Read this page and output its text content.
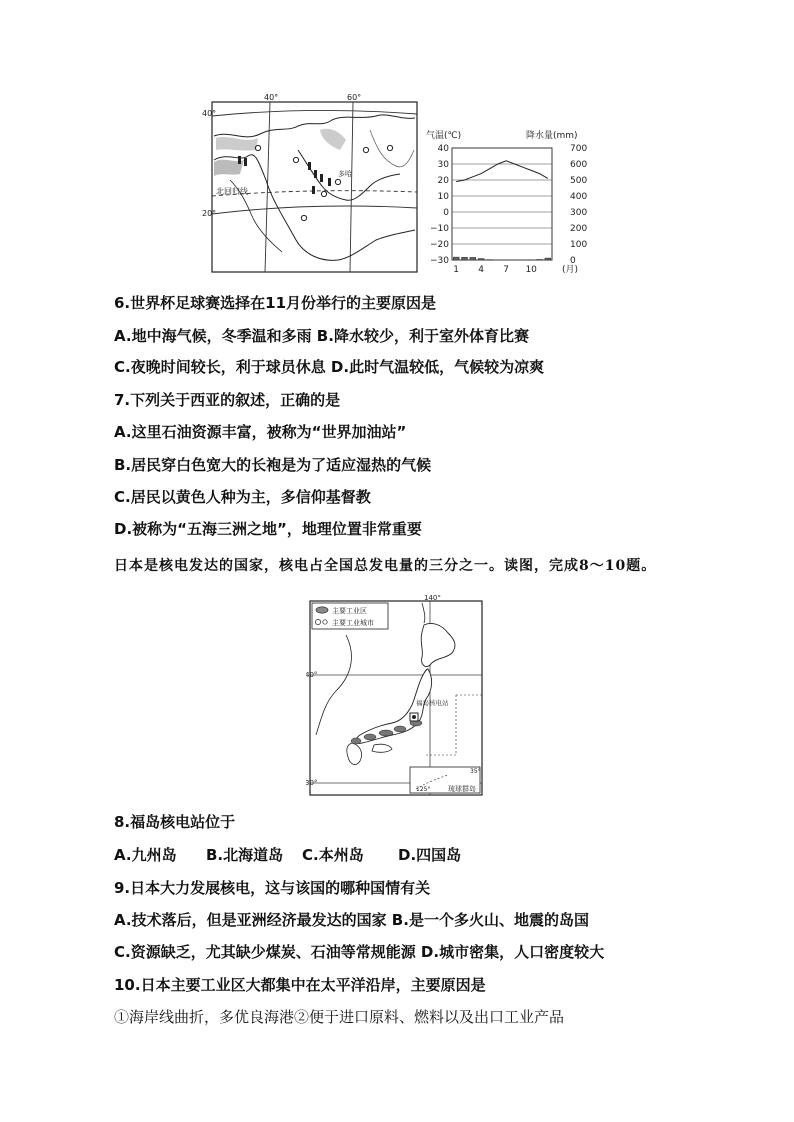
40°
20°
40°	60°
北回归线
多哈
气温(℃)	降水量(mm)
40
30
20
10
0
−10
−20
−30
700
600
500
400
300
200
100
0
1 4 7 10	(月)
6.世界杯足球赛选择在11月份举行的主要原因是
A.地中海气候，冬季温和多雨 B.降水较少，利于室外体育比赛
C.夜晚时间较长，利于球员休息 D.此时气温较低，气候较为凉爽
7.下列关于西亚的叙述，正确的是
A.这里石油资源丰富，被称为“世界加油站”
B.居民穿白色宽大的长袍是为了适应湿热的气候
C.居民以黄色人种为主，多信仰基督教
D.被称为“五海三洲之地”，地理位置非常重要
日本是核电发达的国家，核电占全国总发电量的三分之一。读图，完成8～10题。
主要工业区
主要工业城市
福岛核电站
琉球群岛
140°
40°
30°
35°
125°
8.福岛核电站位于
A.九州岛 B.北海道岛 C.本州岛 D.四国岛
9.日本大力发展核电，这与该国的哪种国情有关
A.技术落后，但是亚洲经济最发达的国家 B.是一个多火山、地震的岛国
C.资源缺乏，尤其缺少煤炭、石油等常规能源 D.城市密集，人口密度较大
10.日本主要工业区大都集中在太平洋沿岸，主要原因是
①海岸线曲折，多优良海港②便于进口原料、燃料以及出口工业产品
